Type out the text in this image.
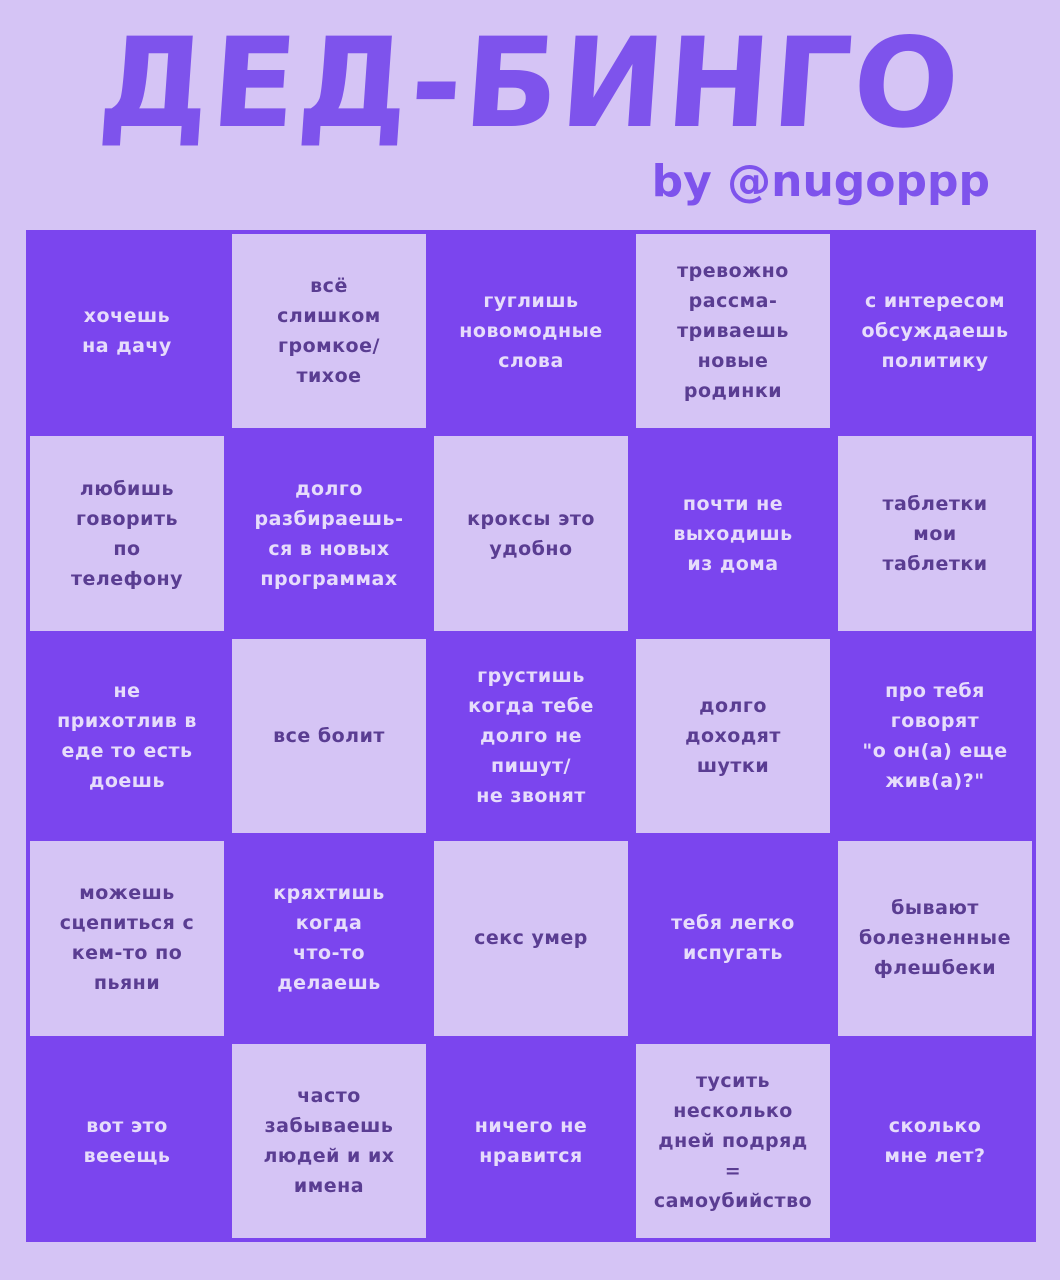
ДЕД-БИНГО
by @nugoppp
хочешь
на дачу
всё
слишком
громкое/
тихое
гуглишь
новомодные
слова
тревожно
рассма-
триваешь
новые
родинки
с интересом
обсуждаешь
политику
любишь
говорить
по
телефону
долго
разбираешь-
ся в новых
программах
кроксы это
удобно
почти не
выходишь
из дома
таблетки
мои
таблетки
не
прихотлив в
еде то есть
доешь
все болит
грустишь
когда тебе
долго не
пишут/
не звонят
долго
доходят
шутки
про тебя
говорят
"о он(а) еще
жив(а)?"
можешь
сцепиться с
кем-то по
пьяни
кряхтишь
когда
что-то
делаешь
секс умер
тебя легко
испугать
бывают
болезненные
флешбеки
вот это
вееещь
часто
забываешь
людей и их
имена
ничего не
нравится
тусить
несколько
дней подряд
=
самоубийство
сколько
мне лет?
